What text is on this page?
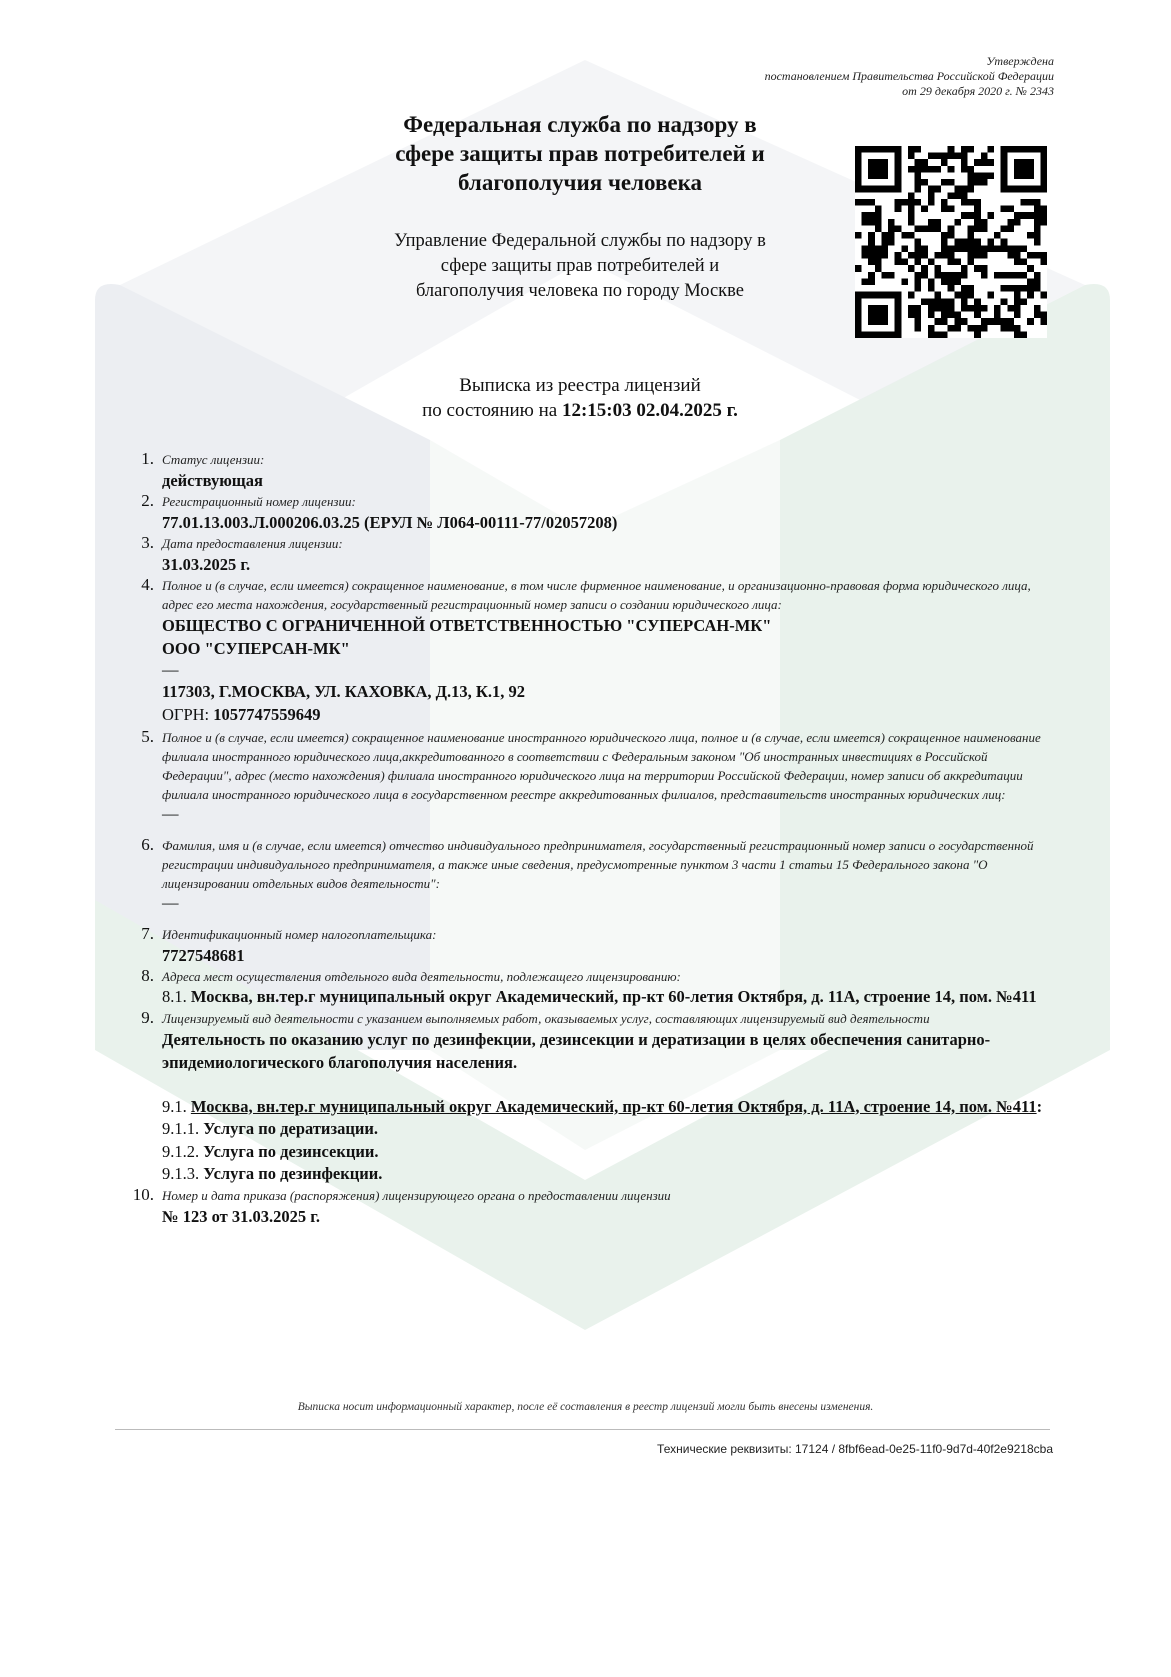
Утверждена
постановлением Правительства Российской Федерации
от 29 декабря 2020 г. № 2343
Федеральная служба по надзору в
сфере защиты прав потребителей и
благополучия человека
Управление Федеральной службы по надзору в
сфере защиты прав потребителей и
благополучия человека по городу Москве
Выписка из реестра лицензий
по состоянию на 12:15:03 02.04.2025 г.
1. Статус лицензии:
действующая
2. Регистрационный номер лицензии:
77.01.13.003.Л.000206.03.25 (ЕРУЛ № Л064-00111-77/02057208)
3. Дата предоставления лицензии:
31.03.2025 г.
4. Полное и (в случае, если имеется) сокращенное наименование, в том числе фирменное наименование, и организационно-правовая форма юридического лица, адрес его места нахождения, государственный регистрационный номер записи о создании юридического лица:
ОБЩЕСТВО С ОГРАНИЧЕННОЙ ОТВЕТСТВЕННОСТЬЮ "СУПЕРСАН-МК"
ООО "СУПЕРСАН-МК"
—
117303, Г.МОСКВА, УЛ. КАХОВКА, Д.13, К.1, 92
ОГРН: 1057747559649
5. Полное и (в случае, если имеется) сокращенное наименование иностранного юридического лица, полное и (в случае, если имеется) сокращенное наименование филиала иностранного юридического лица,аккредитованного в соответствии с Федеральным законом "Об иностранных инвестициях в Российской Федерации", адрес (место нахождения) филиала иностранного юридического лица на территории Российской Федерации, номер записи об аккредитации филиала иностранного юридического лица в государственном реестре аккредитованных филиалов, представительств иностранных юридических лиц:
—
6. Фамилия, имя и (в случае, если имеется) отчество индивидуального предпринимателя, государственный регистрационный номер записи о государственной регистрации индивидуального предпринимателя, а также иные сведения, предусмотренные пунктом 3 части 1 статьи 15 Федерального закона "О лицензировании отдельных видов деятельности":
—
7. Идентификационный номер налогоплательщика:
7727548681
8. Адреса мест осуществления отдельного вида деятельности, подлежащего лицензированию:
8.1. Москва, вн.тер.г муниципальный округ Академический, пр-кт 60-летия Октября, д. 11А, строение 14, пом. №411
9. Лицензируемый вид деятельности с указанием выполняемых работ, оказываемых услуг, составляющих лицензируемый вид деятельности
Деятельность по оказанию услуг по дезинфекции, дезинсекции и дератизации в целях обеспечения санитарно-эпидемиологического благополучия населения.
9.1. Москва, вн.тер.г муниципальный округ Академический, пр-кт 60-летия Октября, д. 11А, строение 14, пом. №411:
9.1.1. Услуга по дератизации.
9.1.2. Услуга по дезинсекции.
9.1.3. Услуга по дезинфекции.
10. Номер и дата приказа (распоряжения) лицензирующего органа о предоставлении лицензии
№ 123 от 31.03.2025 г.
Выписка носит информационный характер, после её составления в реестр лицензий могли быть внесены изменения.
Технические реквизиты: 17124 / 8fbf6ead-0e25-11f0-9d7d-40f2e9218cba
